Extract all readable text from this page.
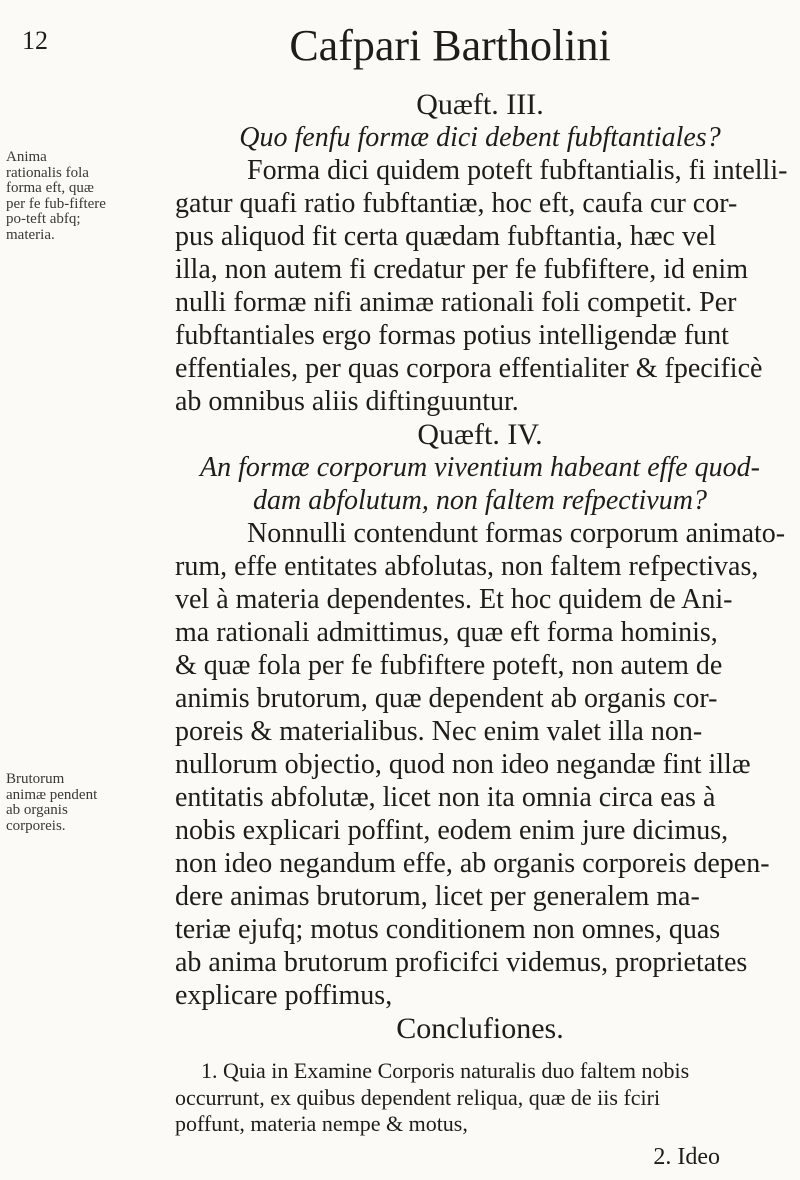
12	Cafpari Bartholini
Anima rationalis fola forma eft, quæ per fe fub-fiftere po-teft abfq; materia.
Brutorum animæ pendent ab organis corporeis.
Quæft. III.
Quo fenfu formæ dici debent fubftantiales?
Forma dici quidem poteft fubftantialis, fi intelli-
gatur quafi ratio fubftantiæ, hoc eft, caufa cur cor-
pus aliquod fit certa quædam fubftantia, hæc vel
illa, non autem fi credatur per fe fubfiftere, id enim
nulli formæ nifi animæ rationali foli competit. Per
fubftantiales ergo formas potius intelligendæ funt
effentiales, per quas corpora effentialiter & fpecificè
ab omnibus aliis diftinguuntur.
Quæft. IV.
An formæ corporum viventium habeant effe quod-
dam abfolutum, non faltem refpectivum?
Nonnulli contendunt formas corporum animato-
rum, effe entitates abfolutas, non faltem refpectivas,
vel à materia dependentes. Et hoc quidem de Ani-
ma rationali admittimus, quæ eft forma hominis,
& quæ fola per fe fubfiftere poteft, non autem de
animis brutorum, quæ dependent ab organis cor-
poreis & materialibus. Nec enim valet illa non-
nullorum objectio, quod non ideo negandæ fint illæ
entitatis abfolutæ, licet non ita omnia circa eas à
nobis explicari poffint, eodem enim jure dicimus,
non ideo negandum effe, ab organis corporeis depen-
dere animas brutorum, licet per generalem ma-
teriæ ejufq; motus conditionem non omnes, quas
ab anima brutorum proficifci videmus, proprietates
explicare poffimus,
Conclufiones.
1. Quia in Examine Corporis naturalis duo faltem nobis
occurrunt, ex quibus dependent reliqua, quæ de iis fciri
poffunt, materia nempe & motus,
2. Ideo
